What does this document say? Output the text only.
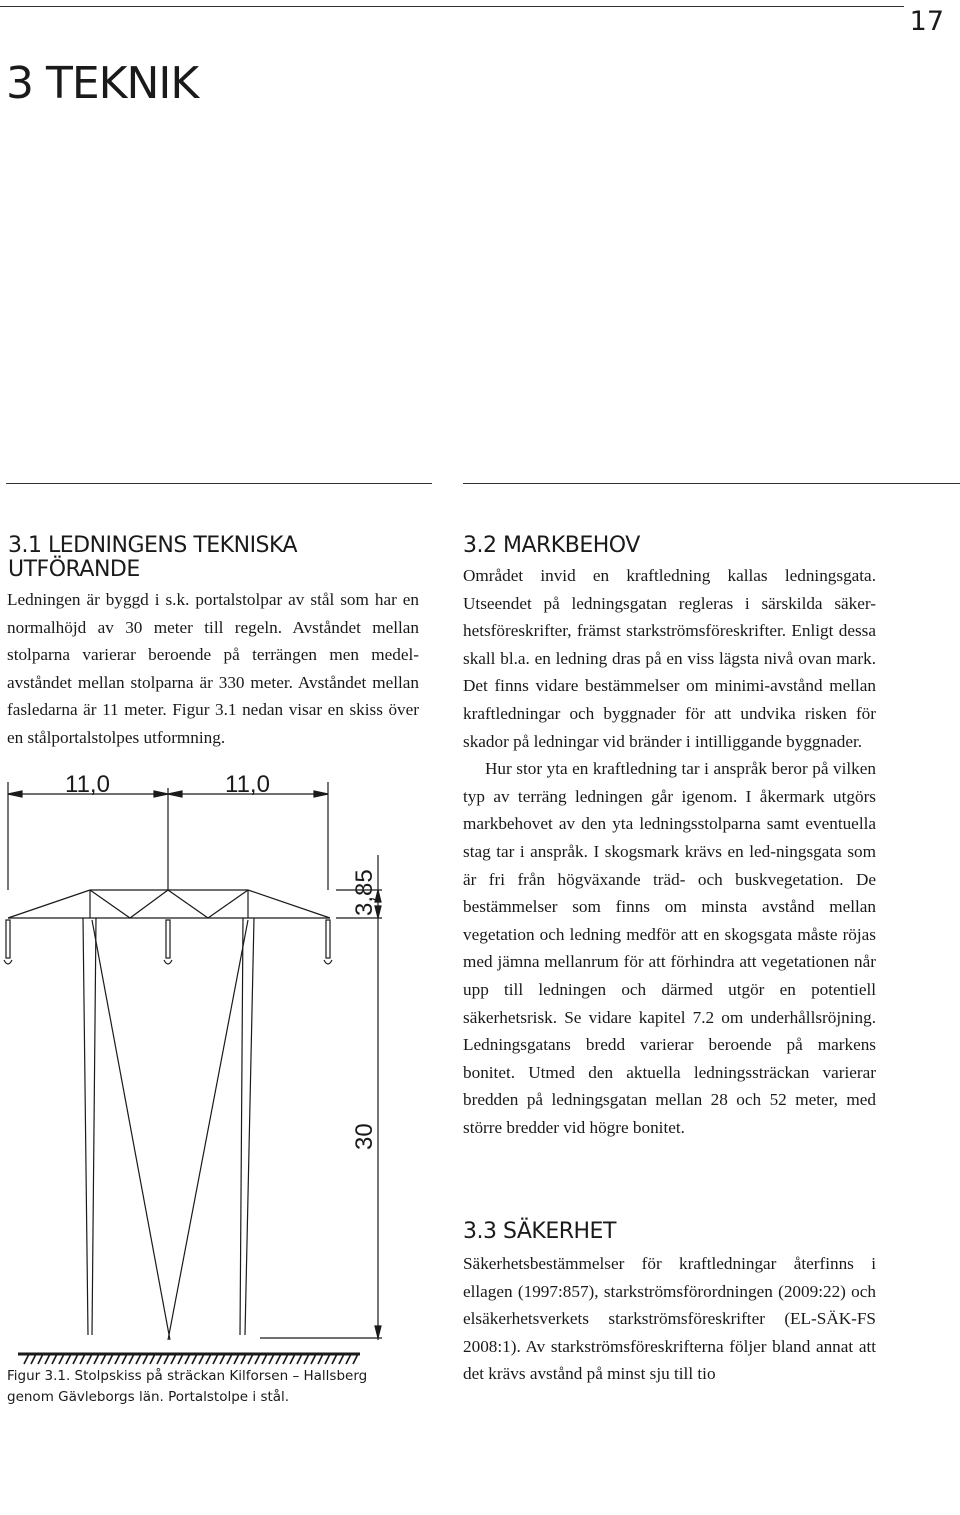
17
3 TEKNIK
3.1 LEDNINGENS TEKNISKA UTFÖRANDE

Ledningen är byggd i s.k. portalstolpar av stål som har en normalhöjd av 30 meter till regeln. Avståndet mellan stolparna varierar beroende på terrängen men medel-avståndet mellan stolparna är 330 meter. Avståndet mellan fasledarna är 11 meter. Figur 3.1 nedan visar en skiss över en stålportalstolpes utformning.

11,0	11,0
3,85
30
Figur 3.1. Stolpskiss på sträckan Kilforsen – Hallsberg genom Gävleborgs län. Portalstolpe i stål.
3.2 MARKBEHOV

Området invid en kraftledning kallas ledningsgata. Utseendet på ledningsgatan regleras i särskilda säker-hetsföreskrifter, främst starkströmsföreskrifter. Enligt dessa skall bl.a. en ledning dras på en viss lägsta nivå ovan mark. Det finns vidare bestämmelser om minimi-avstånd mellan kraftledningar och byggnader för att undvika risken för skador på ledningar vid bränder i intilliggande byggnader.

Hur stor yta en kraftledning tar i anspråk beror på vilken typ av terräng ledningen går igenom. I åkermark utgörs markbehovet av den yta ledningsstolparna samt eventuella stag tar i anspråk. I skogsmark krävs en led-ningsgata som är fri från högväxande träd- och buskvegetation. De bestämmelser som finns om minsta avstånd mellan vegetation och ledning medför att en skogsgata måste röjas med jämna mellanrum för att förhindra att vegetationen når upp till ledningen och därmed utgör en potentiell säkerhetsrisk. Se vidare kapitel 7.2 om underhållsröjning. Ledningsgatans bredd varierar beroende på markens bonitet. Utmed den aktuella ledningssträckan varierar bredden på ledningsgatan mellan 28 och 52 meter, med större bredder vid högre bonitet.

3.3 SÄKERHET

Säkerhetsbestämmelser för kraftledningar återfinns i ellagen (1997:857), starkströmsförordningen (2009:22) och elsäkerhetsverkets starkströmsföreskrifter (EL-SÄK-FS 2008:1). Av starkströmsföreskrifterna följer bland annat att det krävs avstånd på minst sju till tio
